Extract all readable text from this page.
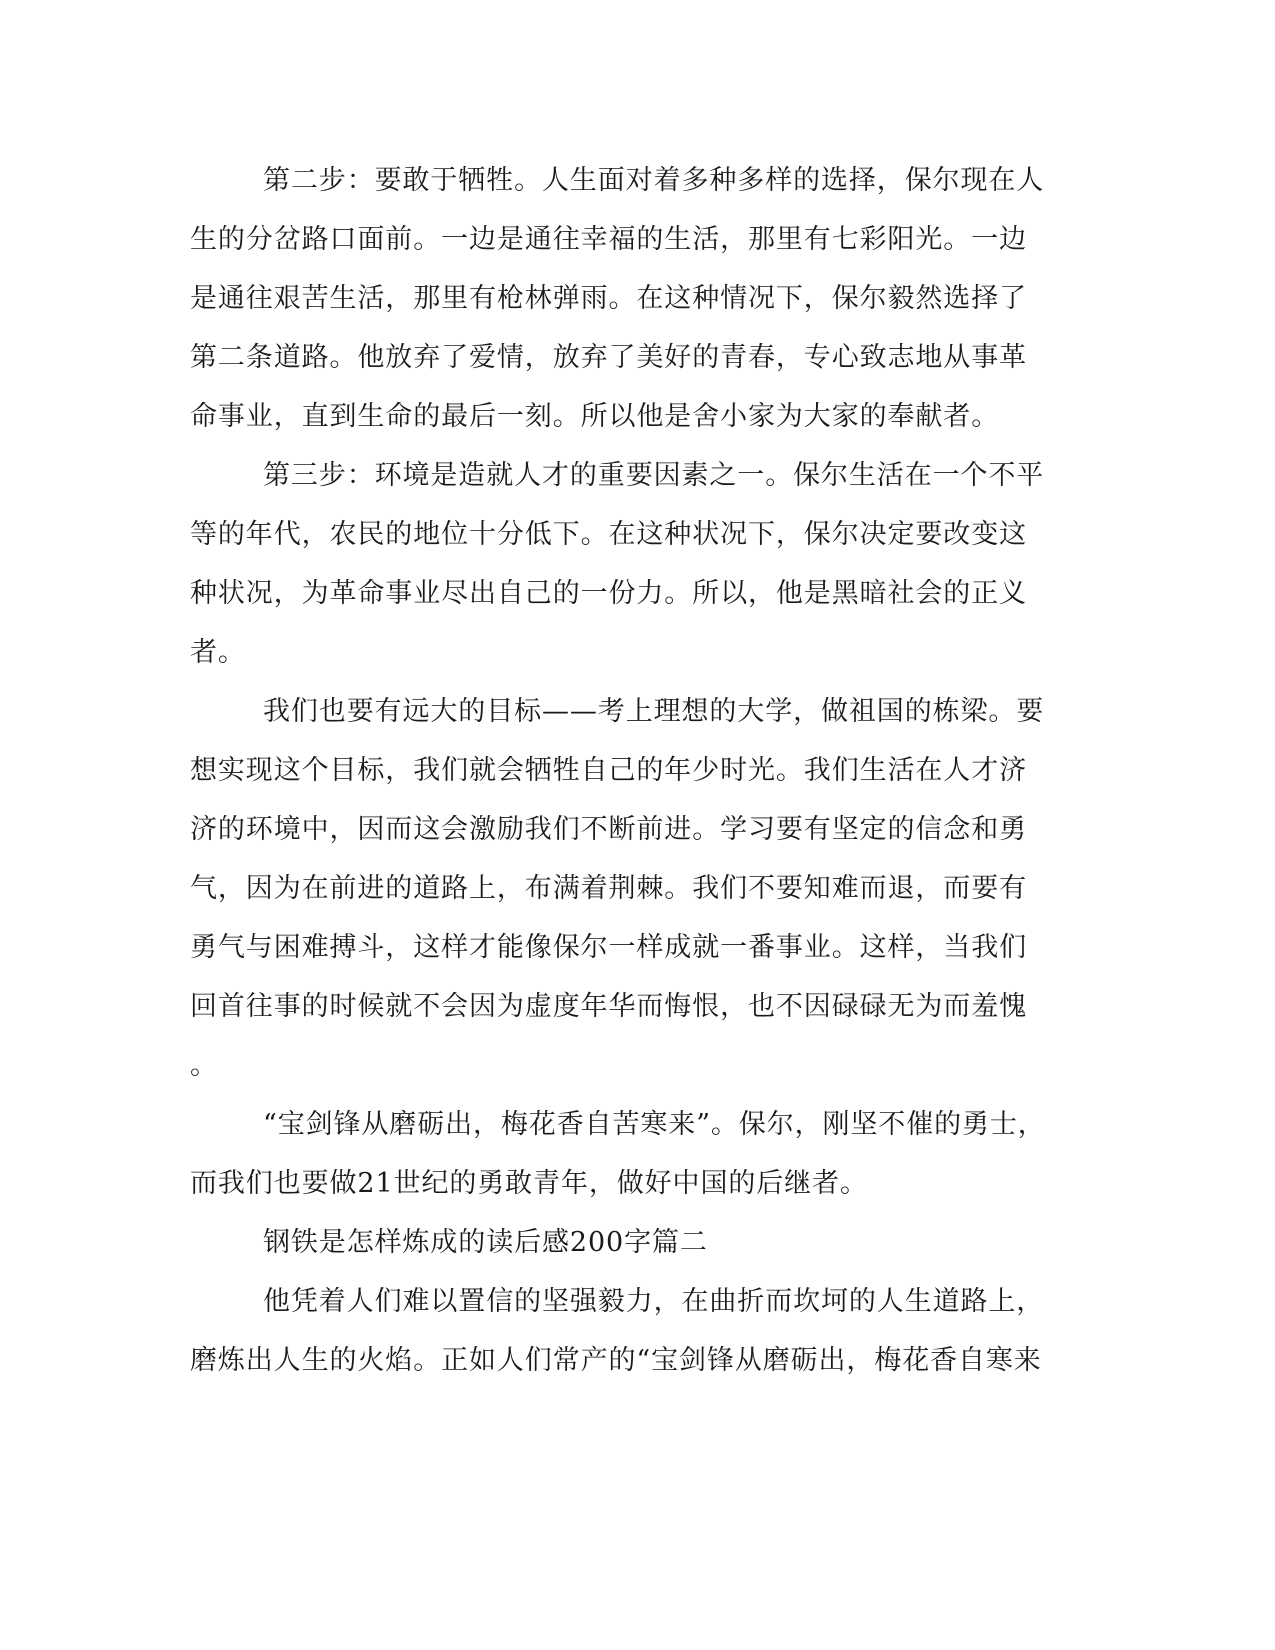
第二步：要敢于牺牲。人生面对着多种多样的选择，保尔现在人
生的分岔路口面前。一边是通往幸福的生活，那里有七彩阳光。一边
是通往艰苦生活，那里有枪林弹雨。在这种情况下，保尔毅然选择了
第二条道路。他放弃了爱情，放弃了美好的青春，专心致志地从事革
命事业，直到生命的最后一刻。所以他是舍小家为大家的奉献者。
第三步：环境是造就人才的重要因素之一。保尔生活在一个不平
等的年代，农民的地位十分低下。在这种状况下，保尔决定要改变这
种状况，为革命事业尽出自己的一份力。所以，他是黑暗社会的正义
者。
我们也要有远大的目标——考上理想的大学，做祖国的栋梁。要
想实现这个目标，我们就会牺牲自己的年少时光。我们生活在人才济
济的环境中，因而这会激励我们不断前进。学习要有坚定的信念和勇
气，因为在前进的道路上，布满着荆棘。我们不要知难而退，而要有
勇气与困难搏斗，这样才能像保尔一样成就一番事业。这样，当我们
回首往事的时候就不会因为虚度年华而悔恨，也不因碌碌无为而羞愧
。
“宝剑锋从磨砺出，梅花香自苦寒来”。保尔，刚坚不催的勇士，
而我们也要做21世纪的勇敢青年，做好中国的后继者。
钢铁是怎样炼成的读后感200字篇二
他凭着人们难以置信的坚强毅力，在曲折而坎坷的人生道路上，
磨炼出人生的火焰。正如人们常产的“宝剑锋从磨砺出，梅花香自寒来
